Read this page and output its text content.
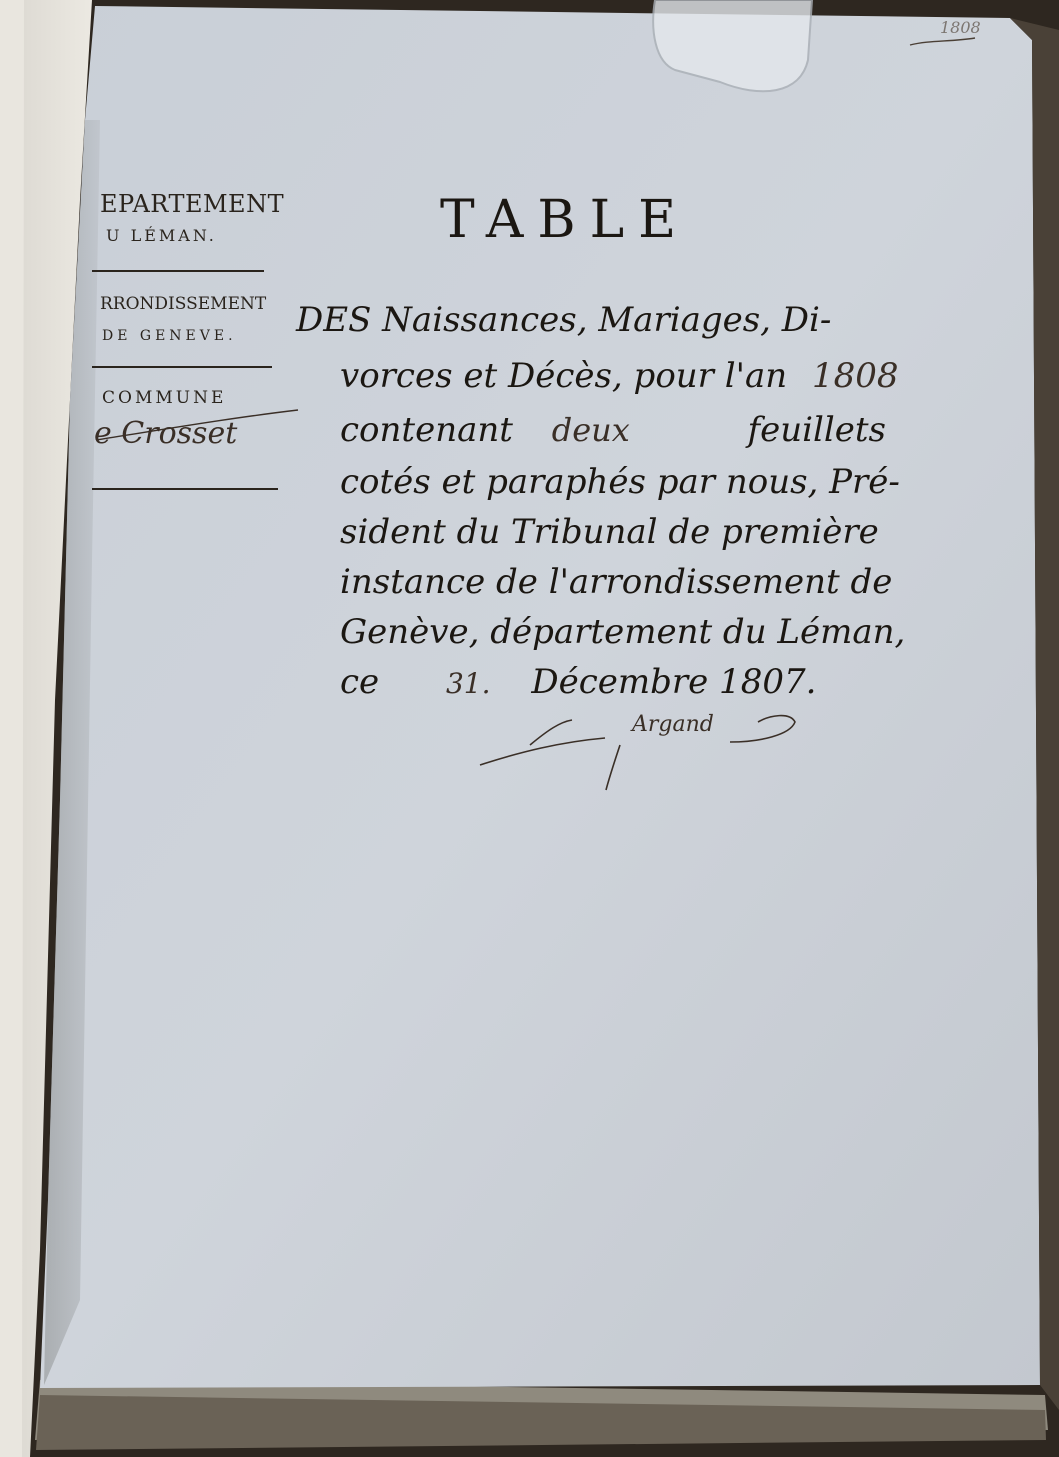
EPARTEMENT
U LÉMAN.
RRONDISSEMENT
DE GENEVE.
COMMUNE
e Crosset
TABLE
DES Naissances, Mariages, Di-
vorces et Décès, pour l'an 1808
contenant deux	feuillets
cotés et paraphés par nous, Pré-
sident du Tribunal de première
instance de l'arrondissement de
Genève, département du Léman,
ce 31. Décembre 1807.
Argand
1808
